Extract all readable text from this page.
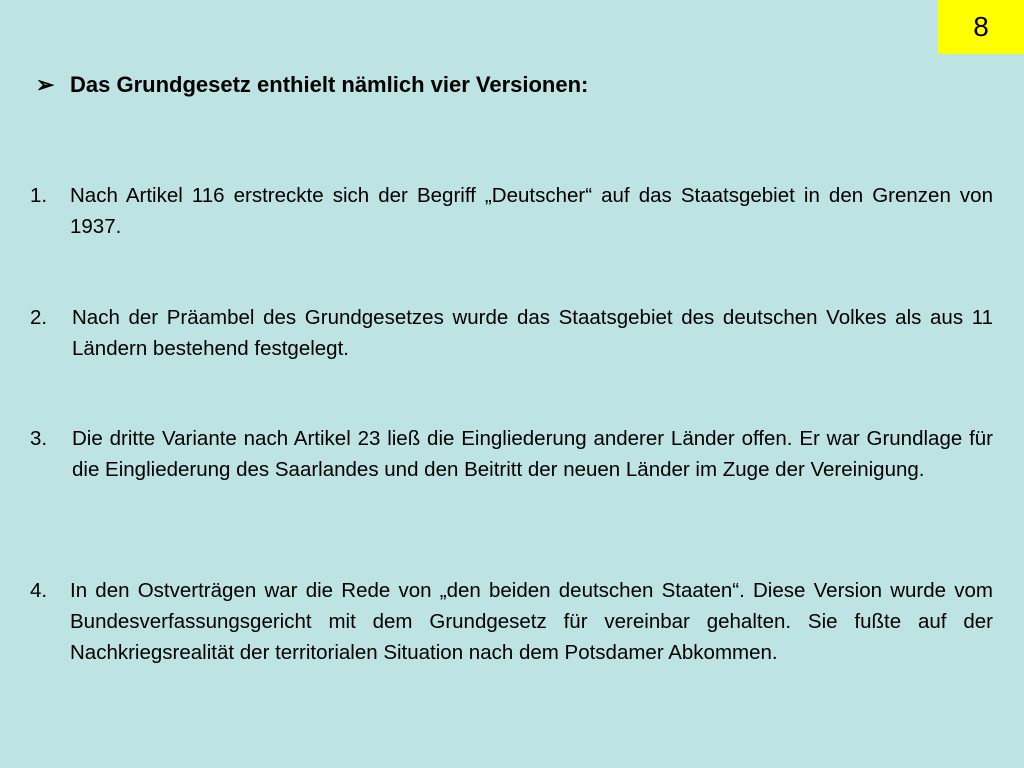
8
➢ Das Grundgesetz enthielt nämlich vier Versionen:
1. Nach Artikel 116 erstreckte sich der Begriff „Deutscher“ auf das Staatsgebiet in den Grenzen von 1937.
2. Nach der Präambel des Grundgesetzes wurde das Staatsgebiet des deutschen Volkes als aus 11 Ländern bestehend festgelegt.
3. Die dritte Variante nach Artikel 23 ließ die Eingliederung anderer Länder offen. Er war Grundlage für die Eingliederung des Saarlandes und den Beitritt der neuen Länder im Zuge der Vereinigung.
4. In den Ostverträgen war die Rede von „den beiden deutschen Staaten“. Diese Version wurde vom Bundesverfassungsgericht mit dem Grundgesetz für vereinbar gehalten. Sie fußte auf der Nachkriegsrealität der territorialen Situation nach dem Potsdamer Abkommen.
